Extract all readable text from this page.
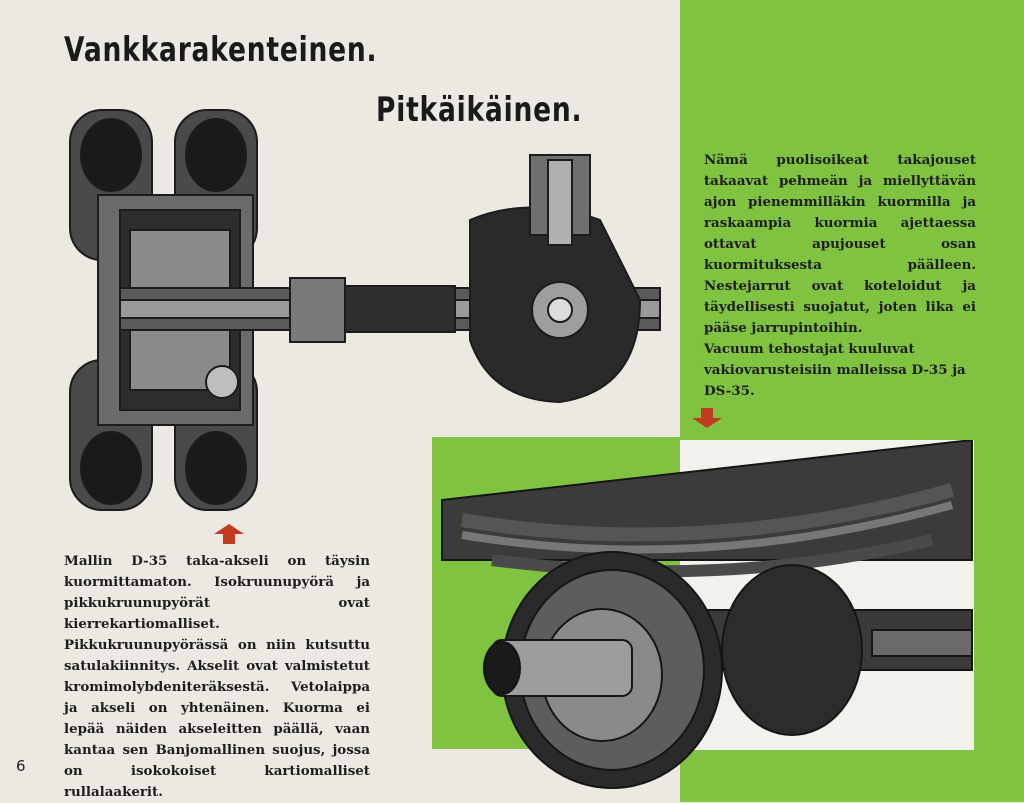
Vankkarakenteinen.
Pitkäikäinen.

Mallin D-35 taka-akseli on täysin kuormittamaton. Isokruunupyörä ja pikkukruunupyörät ovat kierrekartiomalliset. Pikkukruunupyörässä on niin kutsuttu satulakiinnitys. Akselit ovat valmistetut kromimolybdeniteräksestä. Vetolaippa ja akseli on yhtenäinen. Kuorma ei lepää näiden akseleitten päällä, vaan kantaa sen Banjomallinen suojus, jossa on isokokoiset kartiomalliset rullalaakerit.

Nämä puolisoikeat takajouset takaavat pehmeän ja miellyttävän ajon pienemmilläkin kuormilla ja raskaampia kuormia ajettaessa ottavat apujouset osan kuormituksesta päälleen. Nestejarrut ovat koteloidut ja täydellisesti suojatut, joten lika ei pääse jarrupintoihin.

Vacuum tehostajat kuuluvat vakiovarusteisiin malleissa D-35 ja DS-35.

6
